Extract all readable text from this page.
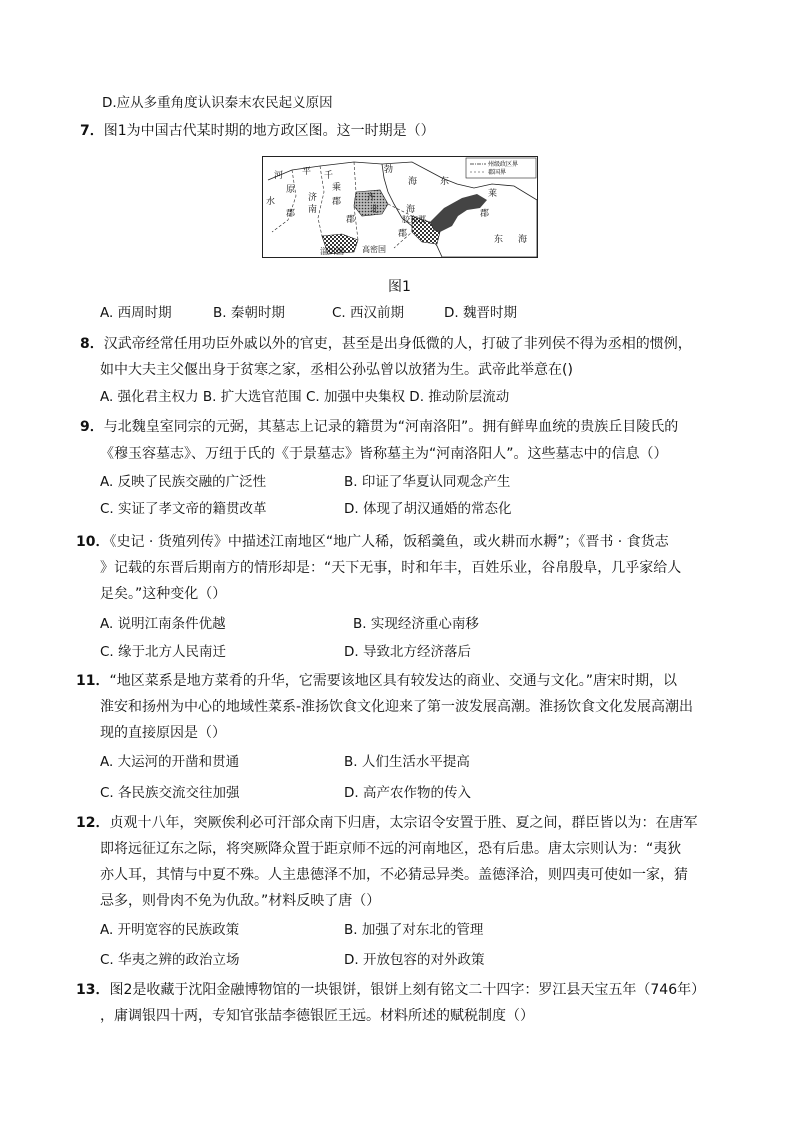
D.应从多重角度认识秦末农民起义原因
7．图1为中国古代某时期的地方政区图。这一时期是（）
州级政区界
郡国界
河 平
原
水
郡
千
乘
济
南
郡	齐
北
郡
海
郡
淄川国 高密国
胶东郡
勃
海	东
莱
郡
东 海
图1
A. 西周时期	B. 秦朝时期	C. 西汉前期	D. 魏晋时期
8．汉武帝经常任用功臣外戚以外的官吏，甚至是出身低微的人，打破了非列侯不得为丞相的惯例，
如中大夫主父偃出身于贫寒之家，丞相公孙弘曾以放猪为生。武帝此举意在()
A. 强化君主权力 B. 扩大选官范围 C. 加强中央集权 D. 推动阶层流动
9．与北魏皇室同宗的元弼，其墓志上记录的籍贯为“河南洛阳”。拥有鲜卑血统的贵族丘目陵氏的
《穆玉容墓志》、万纽于氏的《于景墓志》皆称墓主为“河南洛阳人”。这些墓志中的信息（）
A. 反映了民族交融的广泛性	B. 印证了华夏认同观念产生
C. 实证了孝文帝的籍贯改革	D. 体现了胡汉通婚的常态化
10．《史记 · 货殖列传》中描述江南地区“地广人稀，饭稻羹鱼，或火耕而水耨”；《晋书 · 食货志
》记载的东晋后期南方的情形却是：“天下无事，时和年丰，百姓乐业，谷帛殷阜，几乎家给人
足矣。”这种变化（）
A. 说明江南条件优越	B. 实现经济重心南移
C. 缘于北方人民南迁	D. 导致北方经济落后
11．“地区菜系是地方菜肴的升华，它需要该地区具有较发达的商业、交通与文化。”唐宋时期，以
淮安和扬州为中心的地域性菜系-淮扬饮食文化迎来了第一波发展高潮。淮扬饮食文化发展高潮出
现的直接原因是（）
A. 大运河的开凿和贯通	B. 人们生活水平提高
C. 各民族交流交往加强	D. 高产农作物的传入
12．贞观十八年，突厥俟利必可汗部众南下归唐，太宗诏令安置于胜、夏之间，群臣皆以为：在唐军
即将远征辽东之际，将突厥降众置于距京师不远的河南地区，恐有后患。唐太宗则认为：“夷狄
亦人耳，其情与中夏不殊。人主患德泽不加，不必猜忌异类。盖德泽洽，则四夷可使如一家，猜
忌多，则骨肉不免为仇敌。”材料反映了唐（）
A. 开明宽容的民族政策	B. 加强了对东北的管理
C. 华夷之辨的政治立场	D. 开放包容的对外政策
13．图2是收藏于沈阳金融博物馆的一块银饼，银饼上刻有铭文二十四字：罗江县天宝五年（746年）
，庸调银四十两，专知官张喆李德银匠王远。材料所述的赋税制度（）
